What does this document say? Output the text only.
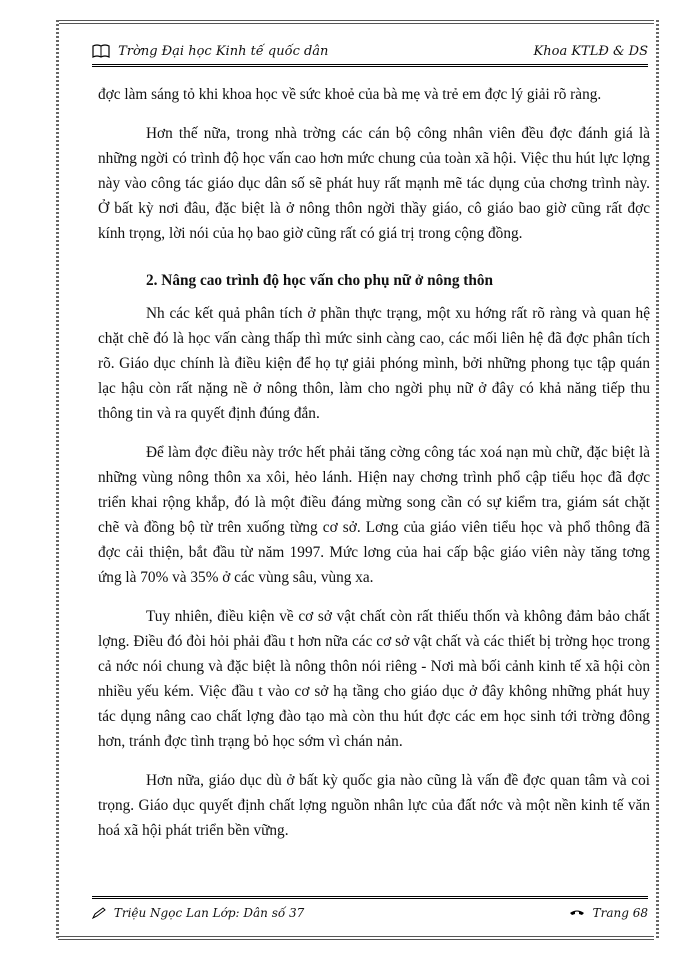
Trờng Đại học Kinh tế quốc dân	Khoa KTLĐ & DS

đợc làm sáng tỏ khi khoa học về sức khoẻ của bà mẹ và trẻ em đợc lý giải rõ ràng.

Hơn thế nữa, trong nhà trờng các cán bộ công nhân viên đều đợc đánh giá là những ngời có trình độ học vấn cao hơn mức chung của toàn xã hội. Việc thu hút lực lợng này vào công tác giáo dục dân số sẽ phát huy rất mạnh mẽ tác dụng của chơng trình này. Ở bất kỳ nơi đâu, đặc biệt là ở nông thôn ngời thầy giáo, cô giáo bao giờ cũng rất đợc kính trọng, lời nói của họ bao giờ cũng rất có giá trị trong cộng đồng.

2. Nâng cao trình độ học vấn cho phụ nữ ở nông thôn

Nh các kết quả phân tích ở phần thực trạng, một xu hớng rất rõ ràng và quan hệ chặt chẽ đó là học vấn càng thấp thì mức sinh càng cao, các mối liên hệ đã đợc phân tích rõ. Giáo dục chính là điều kiện để họ tự giải phóng mình, bởi những phong tục tập quán lạc hậu còn rất nặng nề ở nông thôn, làm cho ngời phụ nữ ở đây có khả năng tiếp thu thông tin và ra quyết định đúng đắn.

Để làm đợc điều này trớc hết phải tăng cờng công tác xoá nạn mù chữ, đặc biệt là những vùng nông thôn xa xôi, hẻo lánh. Hiện nay chơng trình phổ cập tiểu học đã đợc triển khai rộng khắp, đó là một điều đáng mừng song cần có sự kiểm tra, giám sát chặt chẽ và đồng bộ từ trên xuống từng cơ sở. Lơng của giáo viên tiểu học và phổ thông đã đợc cải thiện, bắt đầu từ năm 1997. Mức lơng của hai cấp bậc giáo viên này tăng tơng ứng là 70% và 35% ở các vùng sâu, vùng xa.

Tuy nhiên, điều kiện về cơ sở vật chất còn rất thiếu thốn và không đảm bảo chất lợng. Điều đó đòi hỏi phải đầu t hơn nữa các cơ sở vật chất và các thiết bị trờng học trong cả nớc nói chung và đặc biệt là nông thôn nói riêng - Nơi mà bối cảnh kinh tế xã hội còn nhiều yếu kém. Việc đầu t vào cơ sở hạ tầng cho giáo dục ở đây không những phát huy tác dụng nâng cao chất lợng đào tạo mà còn thu hút đợc các em học sinh tới trờng đông hơn, tránh đợc tình trạng bỏ học sớm vì chán nản.

Hơn nữa, giáo dục dù ở bất kỳ quốc gia nào cũng là vấn đề đợc quan tâm và coi trọng. Giáo dục quyết định chất lợng nguồn nhân lực của đất nớc và một nền kinh tế văn hoá xã hội phát triển bền vững.

Triệu Ngọc Lan Lớp: Dân số 37	Trang 68
